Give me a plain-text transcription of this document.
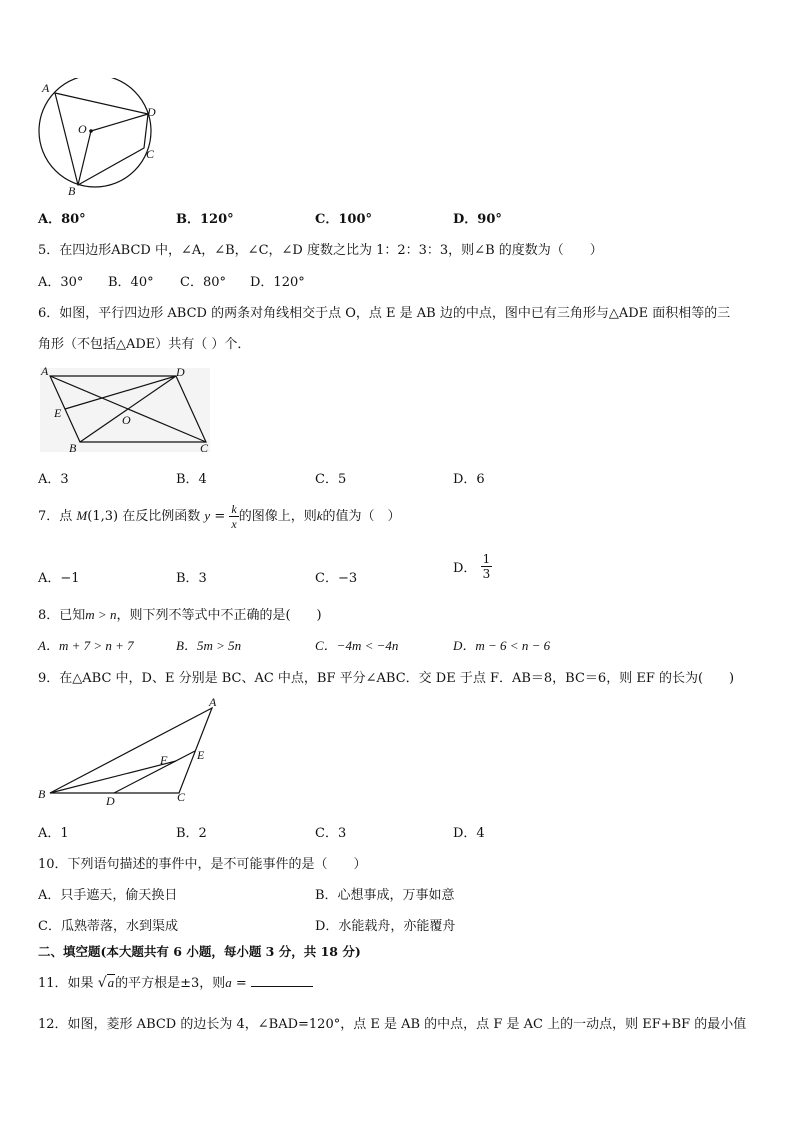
A
D
O
C
B
A．80°	B．120°	C．100°	D．90°
5．在四边形ABCD 中，∠A，∠B，∠C，∠D 度数之比为 1：2：3：3，则∠B 的度数为（　　）
A．30° B．40° C．80° D．120°
6．如图，平行四边形 ABCD 的两条对角线相交于点 O，点 E 是 AB 边的中点，图中已有三角形与△ADE 面积相等的三
角形（不包括△ADE）共有（ ）个．
A	D
E	O
B	C
A．3	B．4	C．5	D．6
7．点 M(1,3) 在反比例函数 $y = \frac{k}{x}$ 的图像上，则k的值为（　）
A．−1	B．3	C．−3
D． $\frac{1}{3}$
8．已知m > n，则下列不等式中不正确的是(　　)
A．m + 7 > n + 7	B．5m > 5n	C．−4m < −4n	D．m − 6 < n − 6
9．在△ABC 中，D、E 分别是 BC、AC 中点，BF 平分∠ABC．交 DE 于点 F．AB＝8，BC＝6，则 EF 的长为(　　)
A
F E
B	D	C
A．1	B．2	C．3	D．4
10．下列语句描述的事件中，是不可能事件的是（　　）
A．只手遮天，偷天换日	B．心想事成，万事如意
C．瓜熟蒂落，水到渠成	D．水能载舟，亦能覆舟
二、填空题(本大题共有 6 小题，每小题 3 分，共 18 分)
11．如果 √a的平方根是±3，则a =
12．如图，菱形 ABCD 的边长为 4，∠BAD=120°，点 E 是 AB 的中点，点 F 是 AC 上的一动点，则 EF+BF 的最小值
